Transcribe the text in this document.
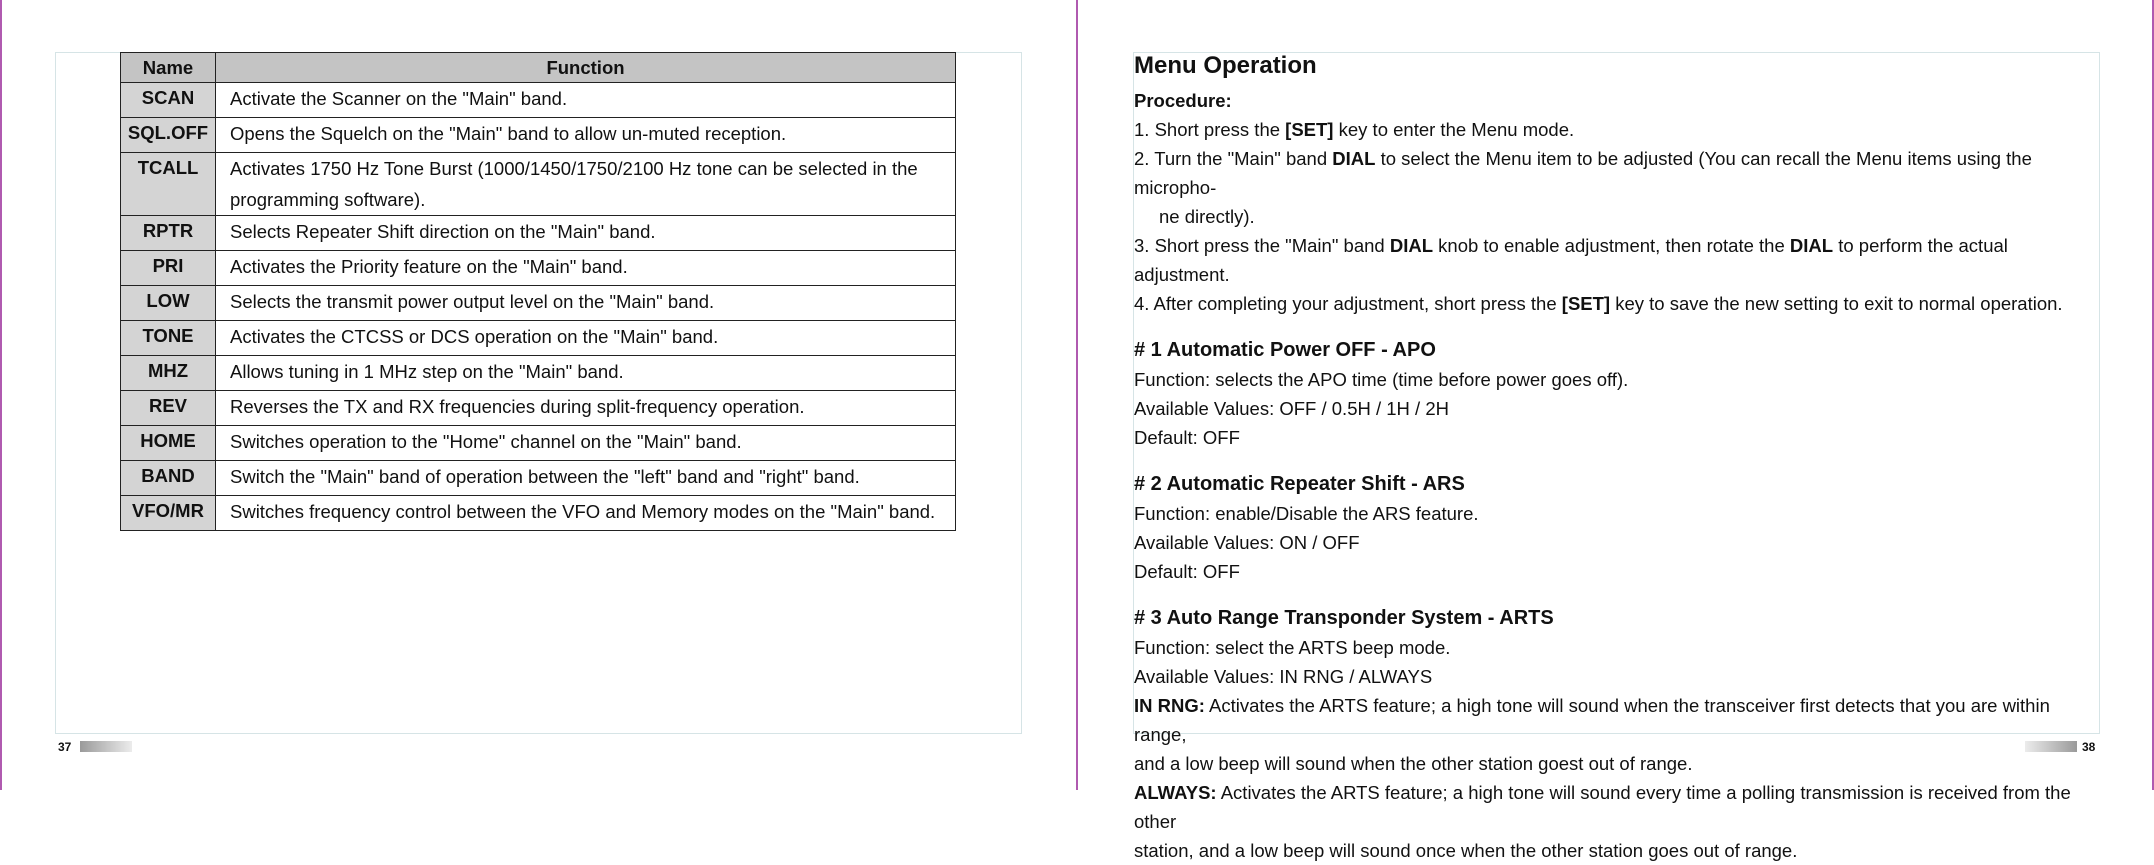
Name	Function
SCAN	Activate the Scanner on the "Main" band.
SQL.OFF	Opens the Squelch on the "Main" band to allow un-muted reception.
TCALL	Activates 1750 Hz Tone Burst (1000/1450/1750/2100 Hz tone can be selected in the programming software).
RPTR	Selects Repeater Shift direction on the "Main" band.
PRI	Activates the Priority feature on the "Main" band.
LOW	Selects the transmit power output level on the "Main" band.
TONE	Activates the CTCSS or DCS operation on the "Main" band.
MHZ	Allows tuning in 1 MHz step on the "Main" band.
REV	Reverses the TX and RX frequencies during split-frequency operation.
HOME	Switches operation to the "Home" channel on the "Main" band.
BAND	Switch the "Main" band of operation between the "left" band and "right" band.
VFO/MR	Switches frequency control between the VFO and Memory modes on the "Main" band.
37

Menu Operation

Procedure:

1. Short press the [SET] key to enter the Menu mode.

2. Turn the "Main" band DIAL to select the Menu item to be adjusted (You can recall the Menu items using the micropho-
ne directly).

3. Short press the "Main" band DIAL knob to enable adjustment, then rotate the DIAL to perform the actual adjustment.

4. After completing your adjustment, short press the [SET] key to save the new setting to exit to normal operation.

# 1 Automatic Power OFF - APO

Function: selects the APO time (time before power goes off).

Available Values: OFF / 0.5H / 1H / 2H

Default: OFF

# 2 Automatic Repeater Shift - ARS

Function: enable/Disable the ARS feature.

Available Values: ON / OFF

Default: OFF

# 3 Auto Range Transponder System - ARTS

Function: select the ARTS beep mode.

Available Values: IN RNG / ALWAYS

IN RNG: Activates the ARTS feature; a high tone will sound when the transceiver first detects that you are within range,

and a low beep will sound when the other station goest out of range.

ALWAYS: Activates the ARTS feature; a high tone will sound every time a polling transmission is received from the other

station, and a low beep will sound once when the other station goes out of range.

38
